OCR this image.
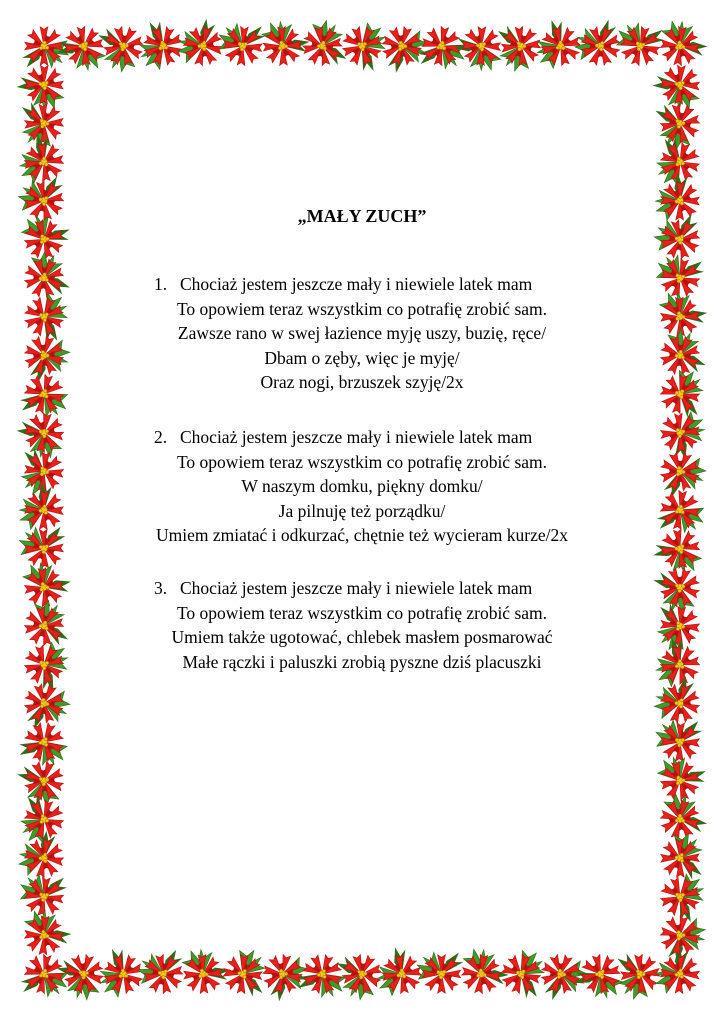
„MAŁY ZUCH”
1. Chociaż jestem jeszcze mały i niewiele latek mam
To opowiem teraz wszystkim co potrafię zrobić sam.
Zawsze rano w swej łazience myję uszy, buzię, ręce/
Dbam o zęby, więc je myję/
Oraz nogi, brzuszek szyję/2x
2. Chociaż jestem jeszcze mały i niewiele latek mam
To opowiem teraz wszystkim co potrafię zrobić sam.
W naszym domku, piękny domku/
Ja pilnuję też porządku/
Umiem zmiatać i odkurzać, chętnie też wycieram kurze/2x
3. Chociaż jestem jeszcze mały i niewiele latek mam
To opowiem teraz wszystkim co potrafię zrobić sam.
Umiem także ugotować, chlebek masłem posmarować
Małe rączki i paluszki zrobią pyszne dziś placuszki
